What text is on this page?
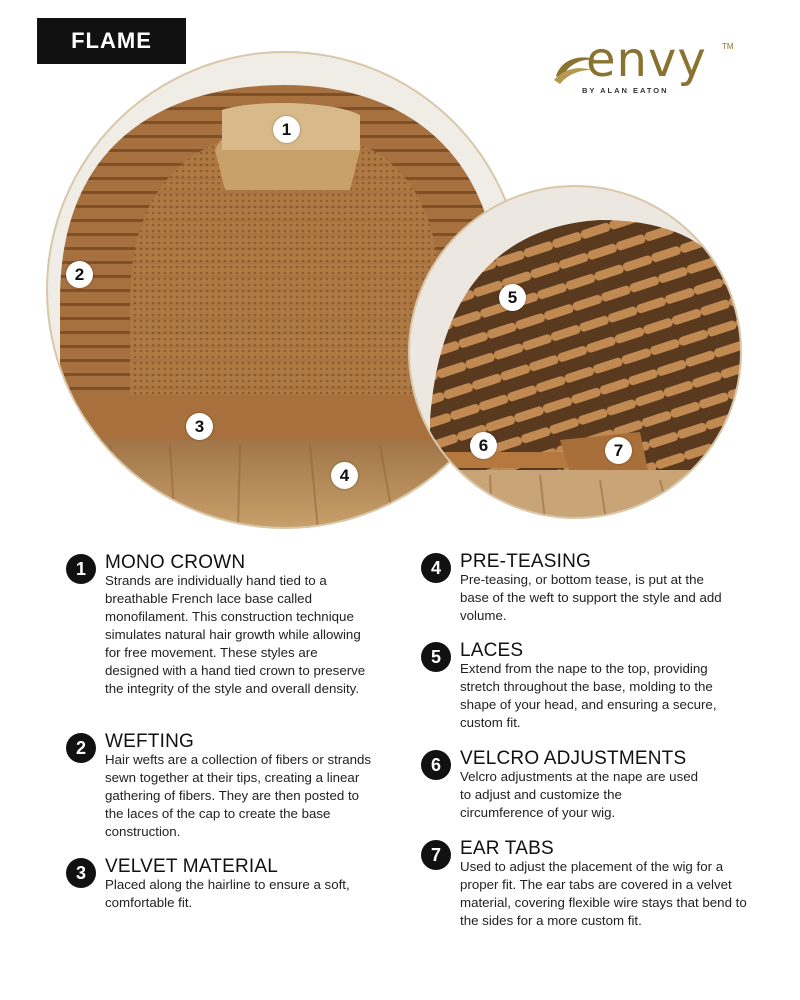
FLAME	envy TM
BY ALAN EATON
1
2
3
4
5
6	7
1	MONO CROWN
Strands are individually hand tied to a breathable French lace base called monofilament. This construction technique simulates natural hair growth while allowing for free movement. These styles are designed with a hand tied crown to preserve the integrity of the style and overall density.
2	WEFTING
Hair wefts are a collection of fibers or strands sewn together at their tips, creating a linear gathering of fibers. They are then posted to the laces of the cap to create the base construction.
3	VELVET MATERIAL
Placed along the hairline to ensure a soft, comfortable fit.
4	PRE-TEASING
Pre-teasing, or bottom tease, is put at the base of the weft to support the style and add volume.
5	LACES
Extend from the nape to the top, providing stretch throughout the base, molding to the shape of your head, and ensuring a secure, custom fit.
6	VELCRO ADJUSTMENTS
Velcro adjustments at the nape are used to adjust and customize the circumference of your wig.
7	EAR TABS
Used to adjust the placement of the wig for a proper fit. The ear tabs are covered in a velvet material, covering flexible wire stays that bend to the sides for a more custom fit.
